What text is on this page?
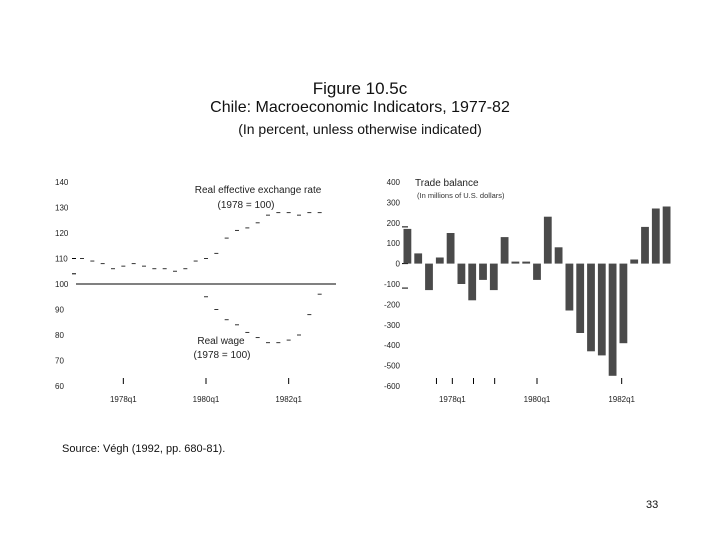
Figure 10.5c
Chile: Macroeconomic Indicators, 1977-82
(In percent, unless otherwise indicated)
140
130
120
110
100
90
80
70
60
1978q1	1980q1	1982q1
Real effective exchange rate
(1978 = 100)
Real wage
(1978 = 100)
400
300
200
100
0
-100
-200
-300
-400
-500
-600
1978q1	1980q1	1982q1
Trade balance
(In millions of U.S. dollars)
Source: Végh (1992, pp. 680-81).
33
